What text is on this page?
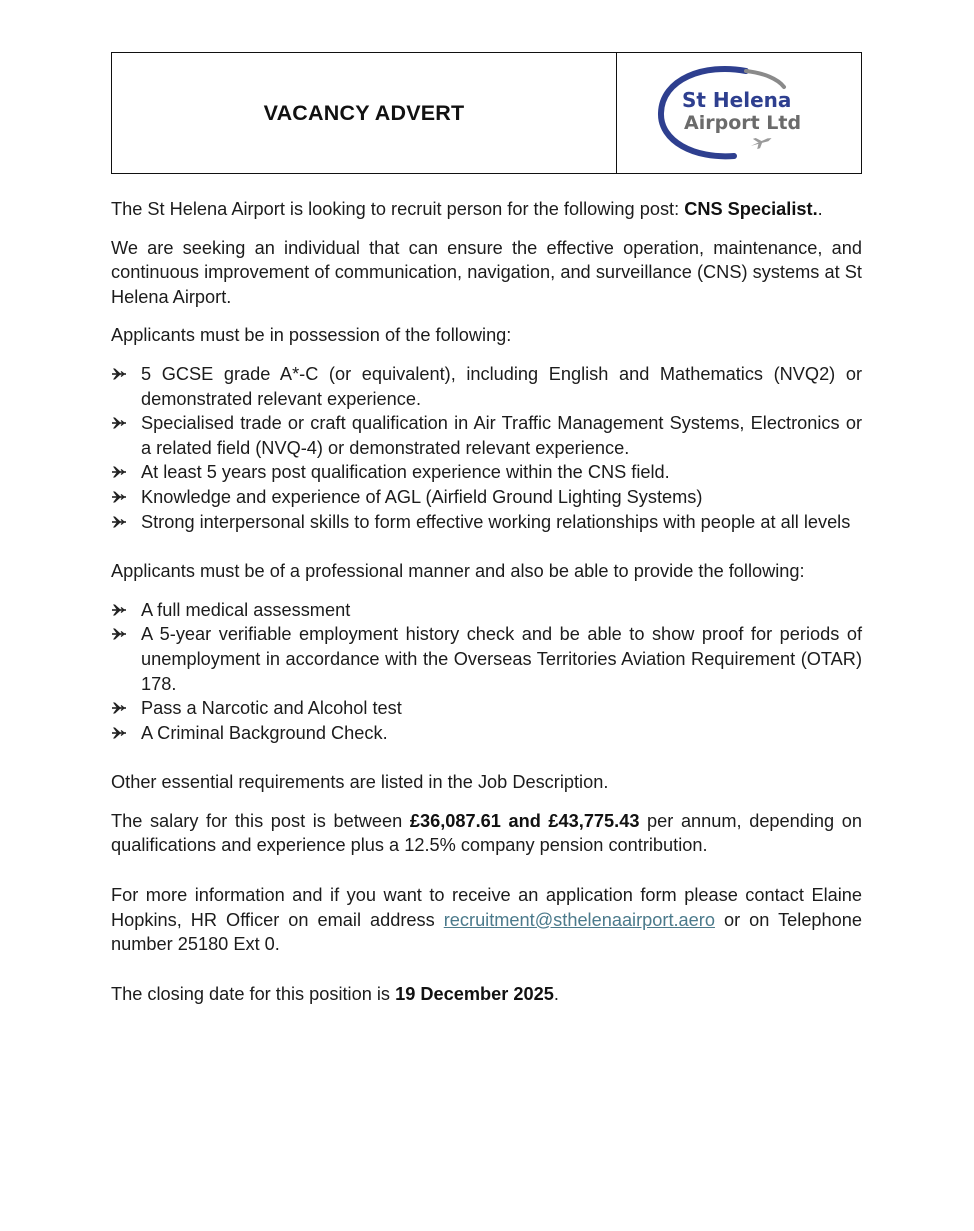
VACANCY ADVERT
St Helena
Airport Ltd

The St Helena Airport is looking to recruit person for the following post: CNS Specialist..

We are seeking an individual that can ensure the effective operation, maintenance, and continuous improvement of communication, navigation, and surveillance (CNS) systems at St Helena Airport.

Applicants must be in possession of the following:

5 GCSE grade A*-C (or equivalent), including English and Mathematics (NVQ2) or demonstrated relevant experience.
Specialised trade or craft qualification in Air Traffic Management Systems, Electronics or a related field (NVQ-4) or demonstrated relevant experience.
At least 5 years post qualification experience within the CNS field.
Knowledge and experience of AGL (Airfield Ground Lighting Systems)
Strong interpersonal skills to form effective working relationships with people at all levels

Applicants must be of a professional manner and also be able to provide the following:

A full medical assessment
A 5-year verifiable employment history check and be able to show proof for periods of unemployment in accordance with the Overseas Territories Aviation Requirement (OTAR) 178.
Pass a Narcotic and Alcohol test
A Criminal Background Check.

Other essential requirements are listed in the Job Description.

The salary for this post is between £36,087.61 and £43,775.43 per annum, depending on qualifications and experience plus a 12.5% company pension contribution.

For more information and if you want to receive an application form please contact Elaine Hopkins, HR Officer on email address recruitment@sthelenaairport.aero or on Telephone number 25180 Ext 0.

The closing date for this position is 19 December 2025.
